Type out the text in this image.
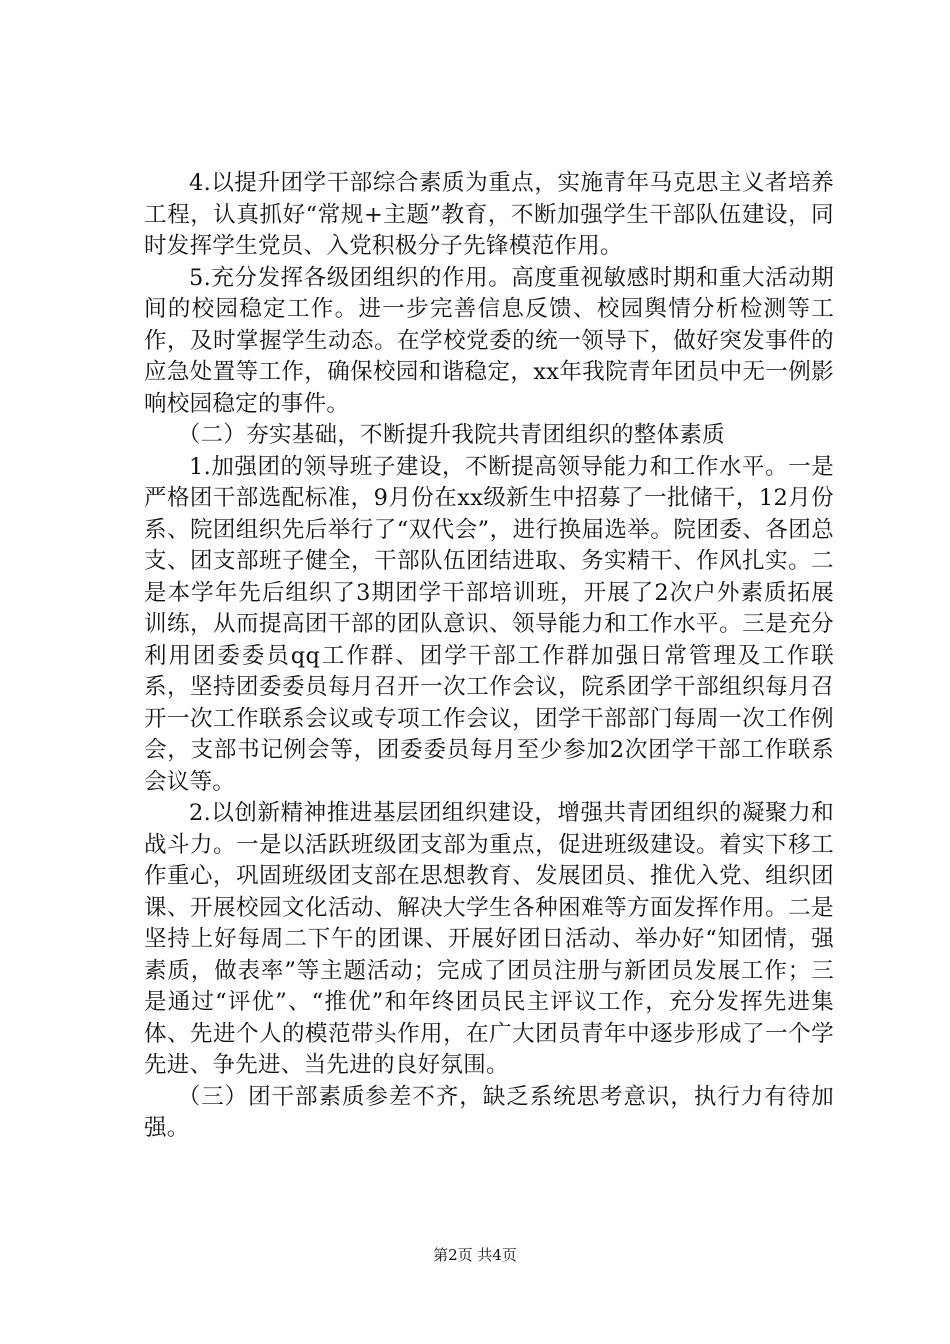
4.以提升团学干部综合素质为重点，实施青年马克思主义者培养工程，认真抓好“常规+主题”教育，不断加强学生干部队伍建设，同时发挥学生党员、入党积极分子先锋模范作用。

5.充分发挥各级团组织的作用。高度重视敏感时期和重大活动期间的校园稳定工作。进一步完善信息反馈、校园舆情分析检测等工作，及时掌握学生动态。在学校党委的统一领导下，做好突发事件的应急处置等工作，确保校园和谐稳定，xx年我院青年团员中无一例影响校园稳定的事件。

（二）夯实基础，不断提升我院共青团组织的整体素质

1.加强团的领导班子建设，不断提高领导能力和工作水平。一是严格团干部选配标准，9月份在xx级新生中招募了一批储干，12月份系、院团组织先后举行了“双代会”，进行换届选举。院团委、各团总支、团支部班子健全，干部队伍团结进取、务实精干、作风扎实。二是本学年先后组织了3期团学干部培训班，开展了2次户外素质拓展训练，从而提高团干部的团队意识、领导能力和工作水平。三是充分利用团委委员qq工作群、团学干部工作群加强日常管理及工作联系，坚持团委委员每月召开一次工作会议，院系团学干部组织每月召开一次工作联系会议或专项工作会议，团学干部部门每周一次工作例会，支部书记例会等，团委委员每月至少参加2次团学干部工作联系会议等。

2.以创新精神推进基层团组织建设，增强共青团组织的凝聚力和战斗力。一是以活跃班级团支部为重点，促进班级建设。着实下移工作重心，巩固班级团支部在思想教育、发展团员、推优入党、组织团课、开展校园文化活动、解决大学生各种困难等方面发挥作用。二是坚持上好每周二下午的团课、开展好团日活动、举办好“知团情，强素质，做表率”等主题活动；完成了团员注册与新团员发展工作；三是通过“评优”、“推优”和年终团员民主评议工作，充分发挥先进集体、先进个人的模范带头作用，在广大团员青年中逐步形成了一个学先进、争先进、当先进的良好氛围。

（三）团干部素质参差不齐，缺乏系统思考意识，执行力有待加强。

第2页 共4页
